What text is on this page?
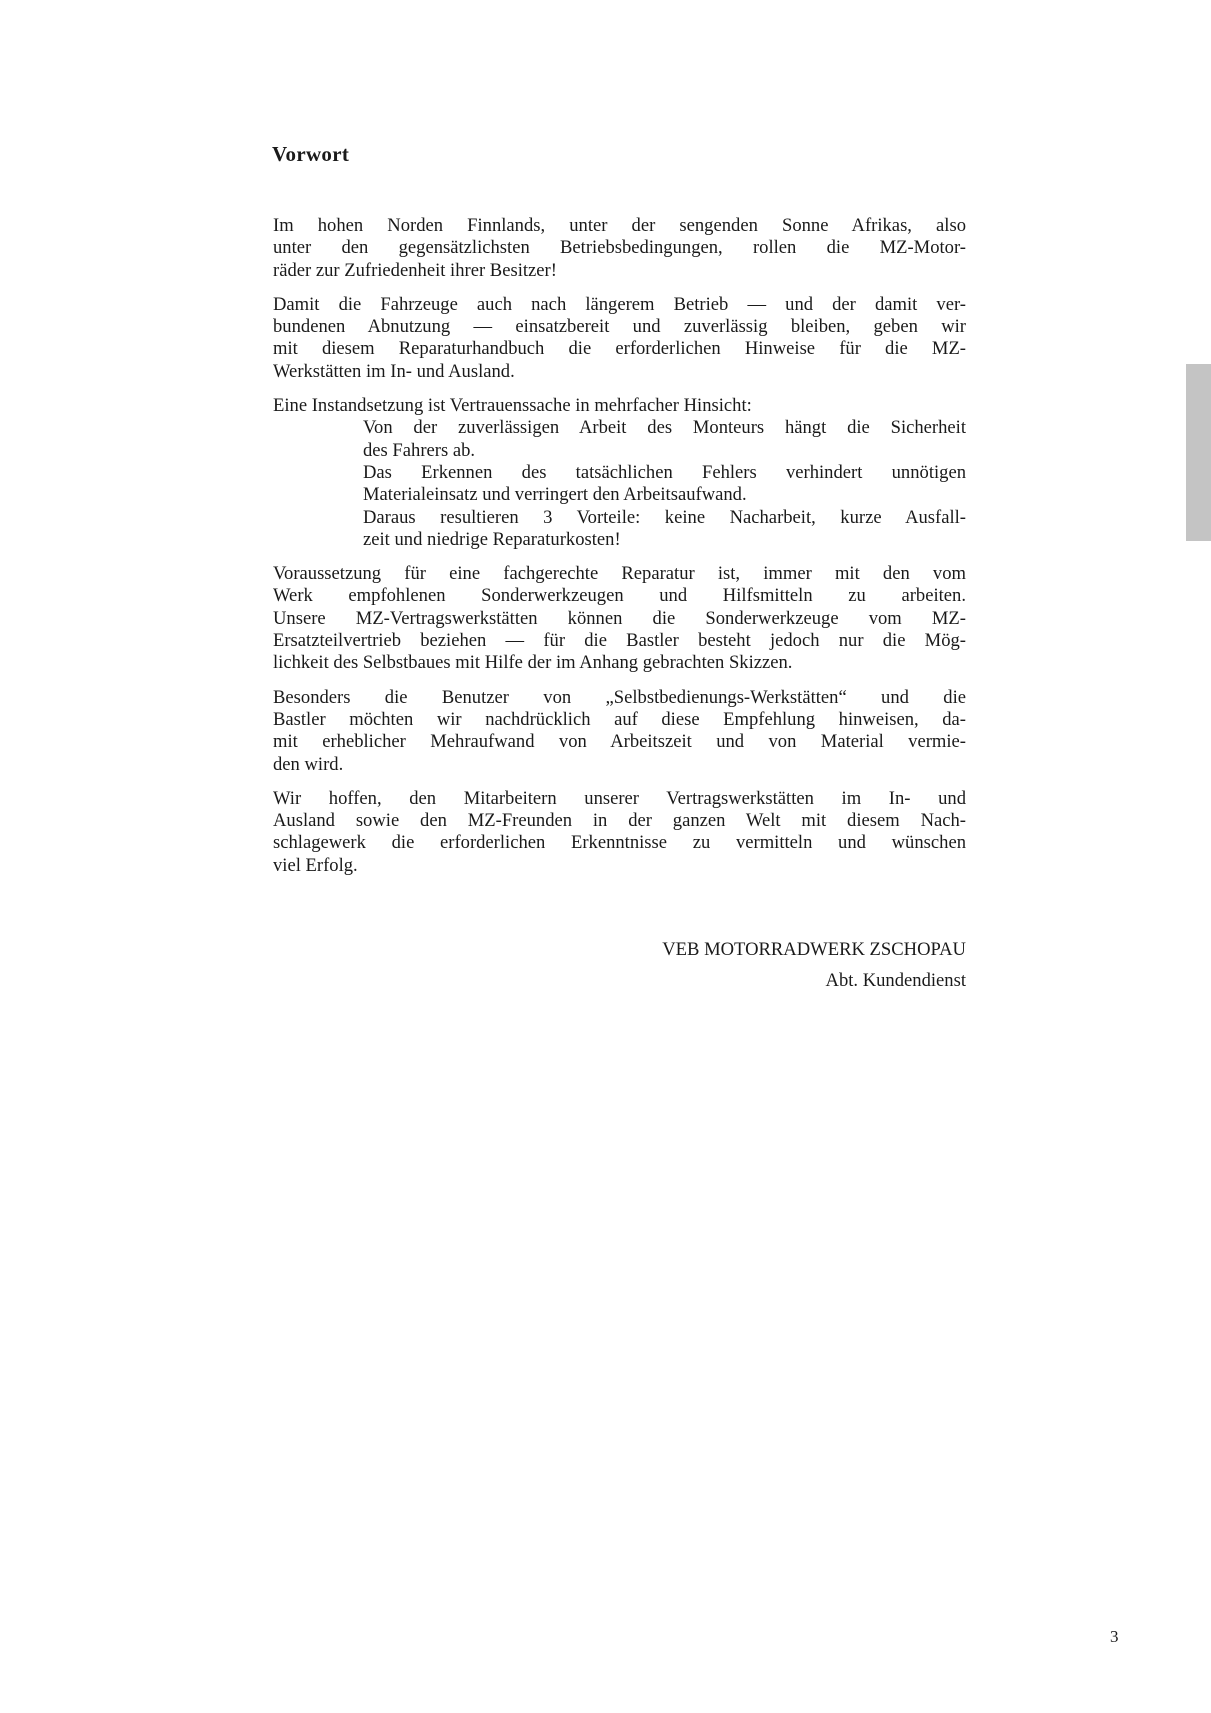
Vorwort

Im hohen Norden Finnlands, unter der sengenden Sonne Afrikas, also

unter den gegensätzlichsten Betriebsbedingungen, rollen die MZ-Motor-

räder zur Zufriedenheit ihrer Besitzer!

Damit die Fahrzeuge auch nach längerem Betrieb — und der damit ver-

bundenen Abnutzung — einsatzbereit und zuverlässig bleiben, geben wir

mit diesem Reparaturhandbuch die erforderlichen Hinweise für die MZ-

Werkstätten im In- und Ausland.

Eine Instandsetzung ist Vertrauenssache in mehrfacher Hinsicht:

Von der zuverlässigen Arbeit des Monteurs hängt die Sicherheit

des Fahrers ab.

Das Erkennen des tatsächlichen Fehlers verhindert unnötigen

Materialeinsatz und verringert den Arbeitsaufwand.

Daraus resultieren 3 Vorteile: keine Nacharbeit, kurze Ausfall-

zeit und niedrige Reparaturkosten!

Voraussetzung für eine fachgerechte Reparatur ist, immer mit den vom

Werk empfohlenen Sonderwerkzeugen und Hilfsmitteln zu arbeiten.

Unsere MZ-Vertragswerkstätten können die Sonderwerkzeuge vom MZ-

Ersatzteilvertrieb beziehen — für die Bastler besteht jedoch nur die Mög-

lichkeit des Selbstbaues mit Hilfe der im Anhang gebrachten Skizzen.

Besonders die Benutzer von „Selbstbedienungs-Werkstätten“ und die

Bastler möchten wir nachdrücklich auf diese Empfehlung hinweisen, da-

mit erheblicher Mehraufwand von Arbeitszeit und von Material vermie-

den wird.

Wir hoffen, den Mitarbeitern unserer Vertragswerkstätten im In- und

Ausland sowie den MZ-Freunden in der ganzen Welt mit diesem Nach-

schlagewerk die erforderlichen Erkenntnisse zu vermitteln und wünschen

viel Erfolg.

VEB MOTORRADWERK ZSCHOPAU
Abt. Kundendienst
3
